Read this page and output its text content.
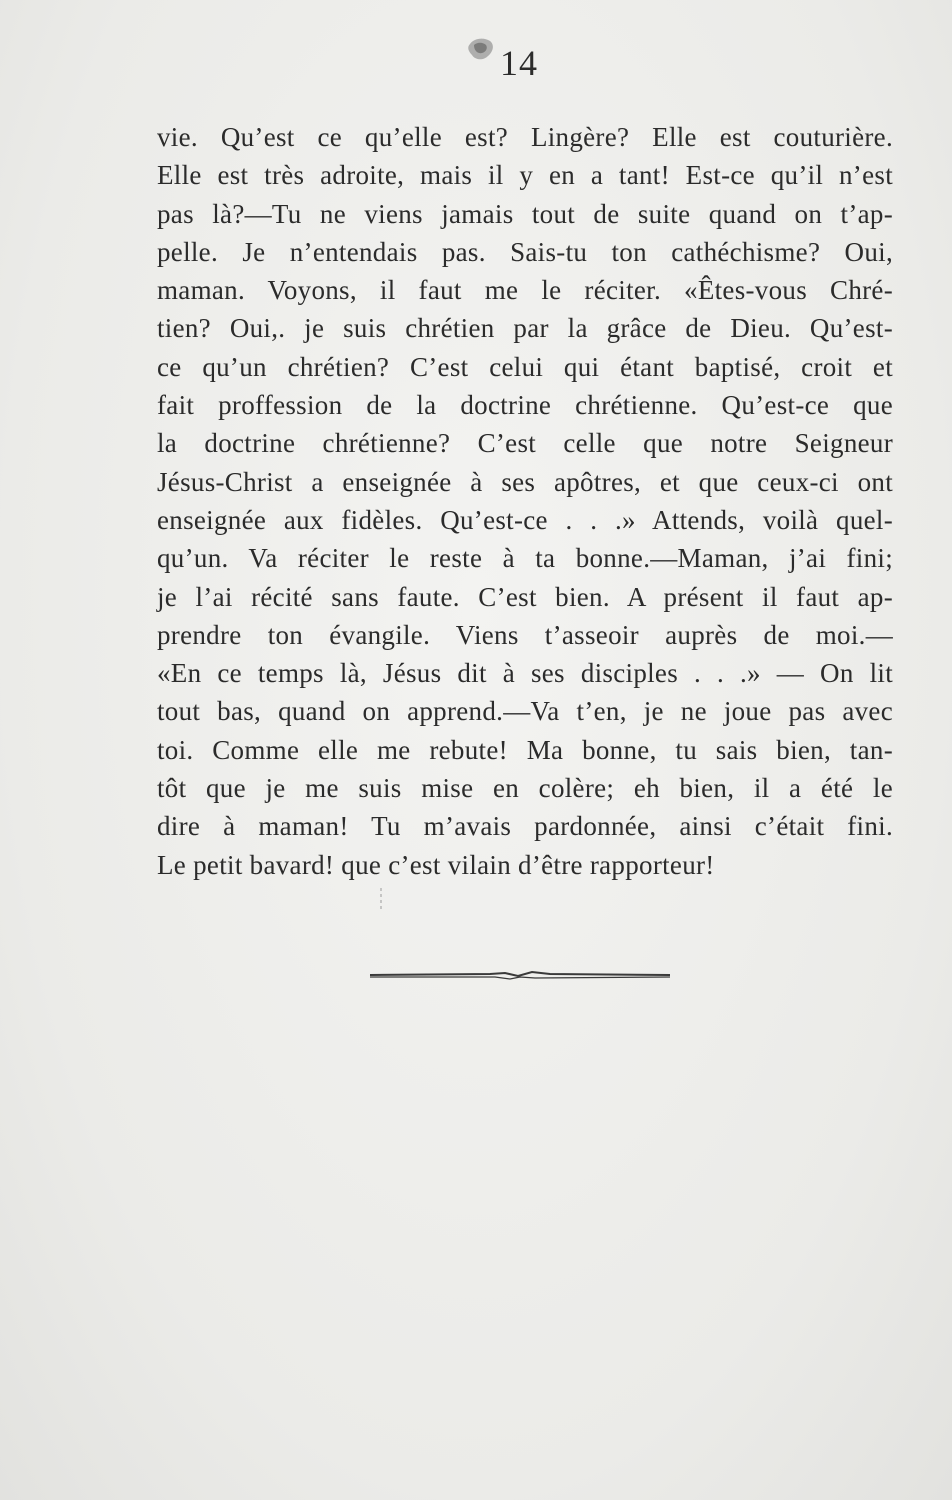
14
vie. Qu’est ce qu’elle est? Lingère? Elle est couturière.
Elle est très adroite, mais il y en a tant! Est-ce qu’il n’est
pas là?—Tu ne viens jamais tout de suite quand on t’ap-
pelle. Je n’entendais pas. Sais-tu ton cathéchisme? Oui,
maman. Voyons, il faut me le réciter. «Êtes-vous Chré-
tien? Oui,. je suis chrétien par la grâce de Dieu. Qu’est-
ce qu’un chrétien? C’est celui qui étant baptisé, croit et
fait proffession de la doctrine chrétienne. Qu’est-ce que
la doctrine chrétienne? C’est celle que notre Seigneur
Jésus-Christ a enseignée à ses apôtres, et que ceux-ci ont
enseignée aux fidèles. Qu’est-ce . . .» Attends, voilà quel-
qu’un. Va réciter le reste à ta bonne.—Maman, j’ai fini;
je l’ai récité sans faute. C’est bien. A présent il faut ap-
prendre ton évangile. Viens t’asseoir auprès de moi.—
«En ce temps là, Jésus dit à ses disciples . . .» — On lit
tout bas, quand on apprend.—Va t’en, je ne joue pas avec
toi. Comme elle me rebute! Ma bonne, tu sais bien, tan-
tôt que je me suis mise en colère; eh bien, il a été le
dire à maman! Tu m’avais pardonnée, ainsi c’était fini.
Le petit bavard! que c’est vilain d’être rapporteur!
